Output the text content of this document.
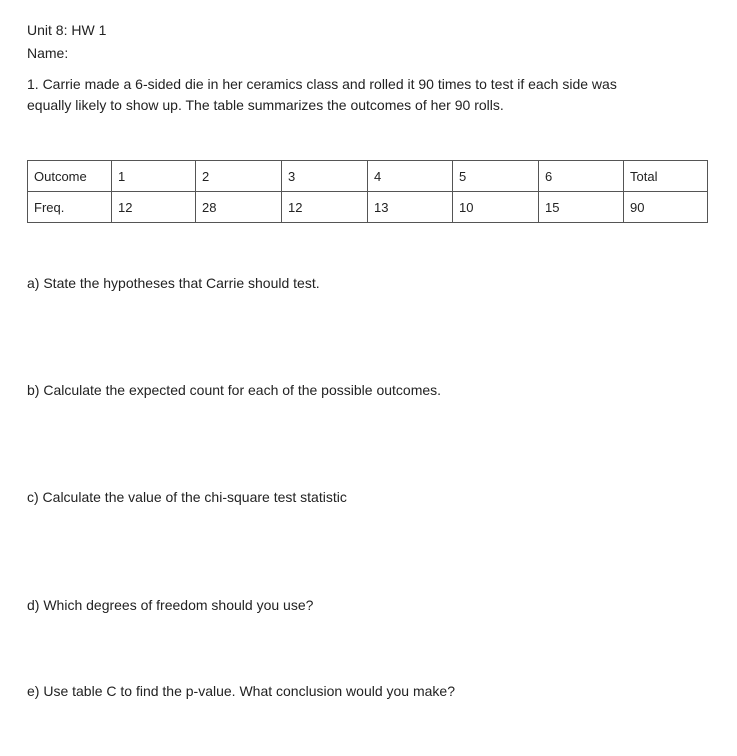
Unit 8: HW 1
Name:
1. Carrie made a 6-sided die in her ceramics class and rolled it 90 times to test if each side was
equally likely to show up. The table summarizes the outcomes of her 90 rolls.
Outcome	1	2	3	4	5	6	Total
Freq.	12	28	12	13	10	15	90
a) State the hypotheses that Carrie should test.
b) Calculate the expected count for each of the possible outcomes.
c) Calculate the value of the chi-square test statistic
d) Which degrees of freedom should you use?
e) Use table C to find the p-value. What conclusion would you make?
